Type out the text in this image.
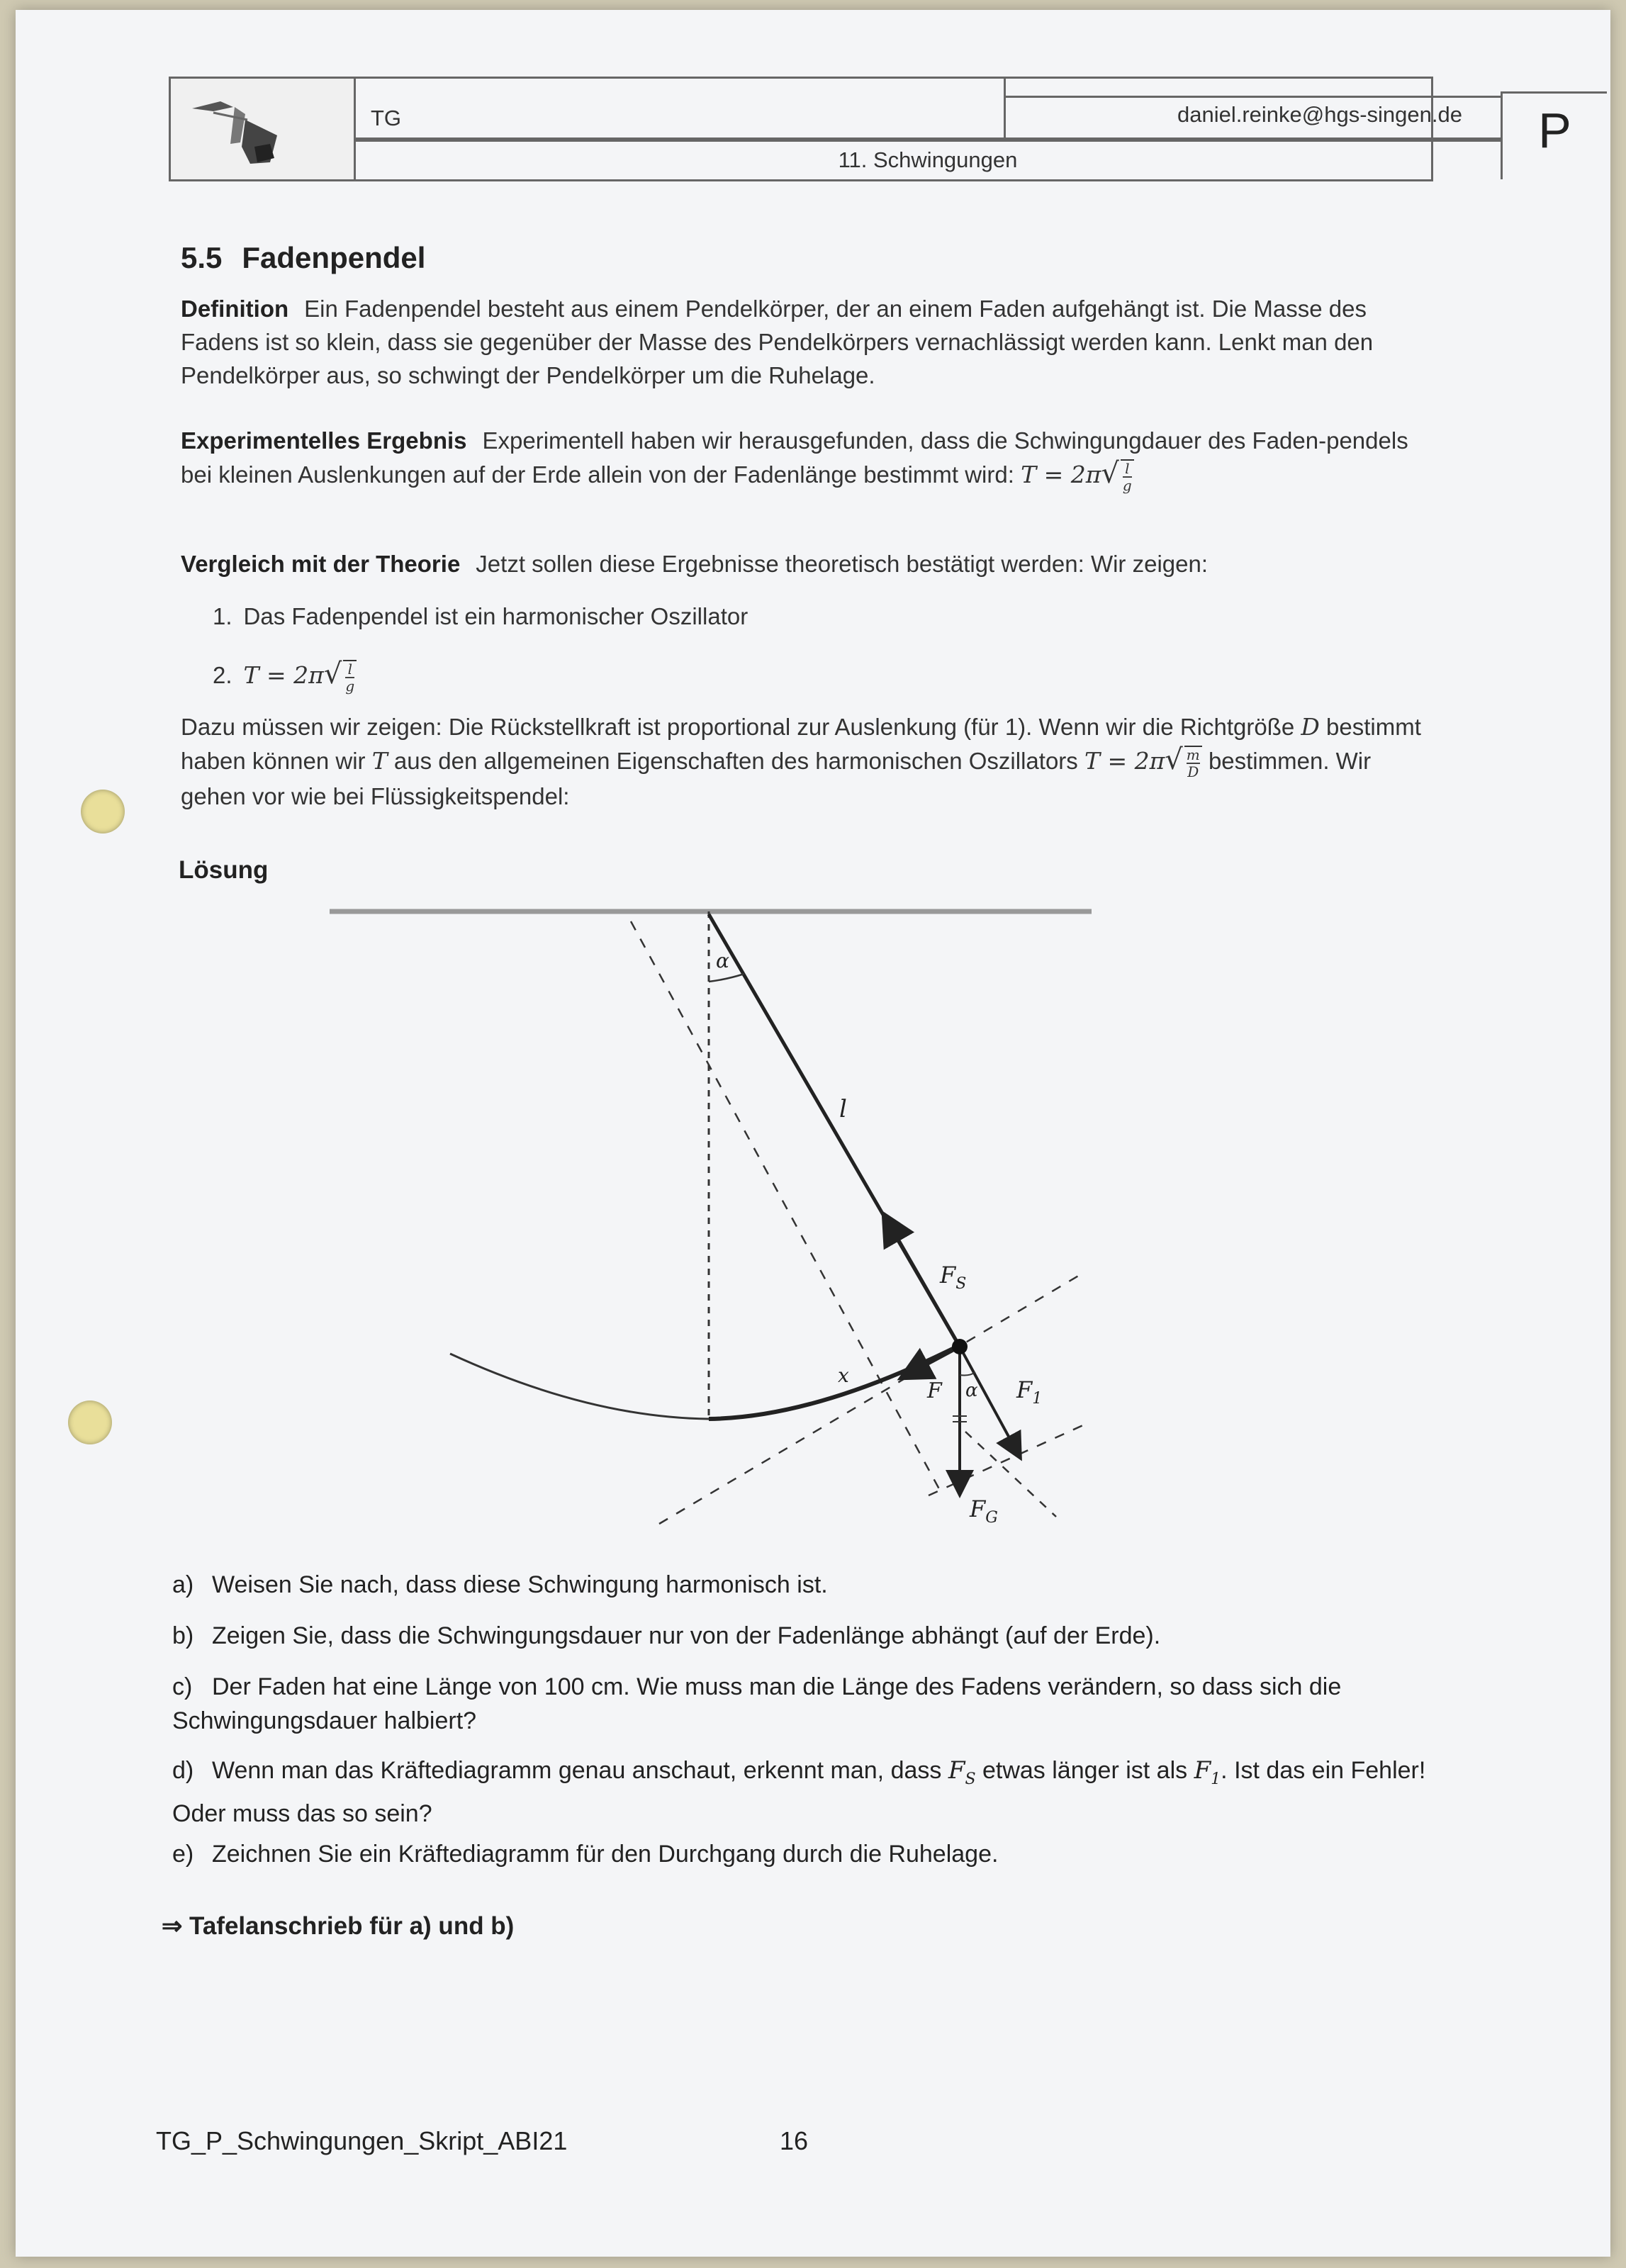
TG	daniel.reinke@hgs-singen.de
11. Schwingungen
P
5.5 Fadenpendel
Definition Ein Fadenpendel besteht aus einem Pendelkörper, der an einem Faden aufgehängt ist. Die Masse des Fadens ist so klein, dass sie gegenüber der Masse des Pendelkörpers vernachlässigt werden kann. Lenkt man den Pendelkörper aus, so schwingt der Pendelkörper um die Ruhelage.
Experimentelles Ergebnis Experimentell haben wir herausgefunden, dass die Schwingungdauer des Faden-pendels bei kleinen Auslenkungen auf der Erde allein von der Fadenlänge bestimmt wird: $T = 2\pi√ \frac{l}{g}$
Vergleich mit der Theorie Jetzt sollen diese Ergebnisse theoretisch bestätigt werden: Wir zeigen:
1. Das Fadenpendel ist ein harmonischer Oszillator
2. $T = 2\pi√ \frac{l}{g}$
Dazu müssen wir zeigen: Die Rückstellkraft ist proportional zur Auslenkung (für 1). Wenn wir die Richtgröße D bestimmt haben können wir T aus den allgemeinen Eigenschaften des harmonischen Oszillators $T = 2\pi√ \frac{m}{D}$ bestimmen. Wir gehen vor wie bei Flüssigkeitspendel:
Lösung
α
l
$F_S$
x
F α $F_1$
$F_G$
a) Weisen Sie nach, dass diese Schwingung harmonisch ist.
b) Zeigen Sie, dass die Schwingungsdauer nur von der Fadenlänge abhängt (auf der Erde).
c) Der Faden hat eine Länge von 100 cm. Wie muss man die Länge des Fadens verändern, so dass sich die Schwingungsdauer halbiert?
d) Wenn man das Kräftediagramm genau anschaut, erkennt man, dass $F_S$ etwas länger ist als $F_1$. Ist das ein Fehler! Oder muss das so sein?
e) Zeichnen Sie ein Kräftediagramm für den Durchgang durch die Ruhelage.
⇒ Tafelanschrieb für a) und b)
TG_P_Schwingungen_Skript_ABI21	16
